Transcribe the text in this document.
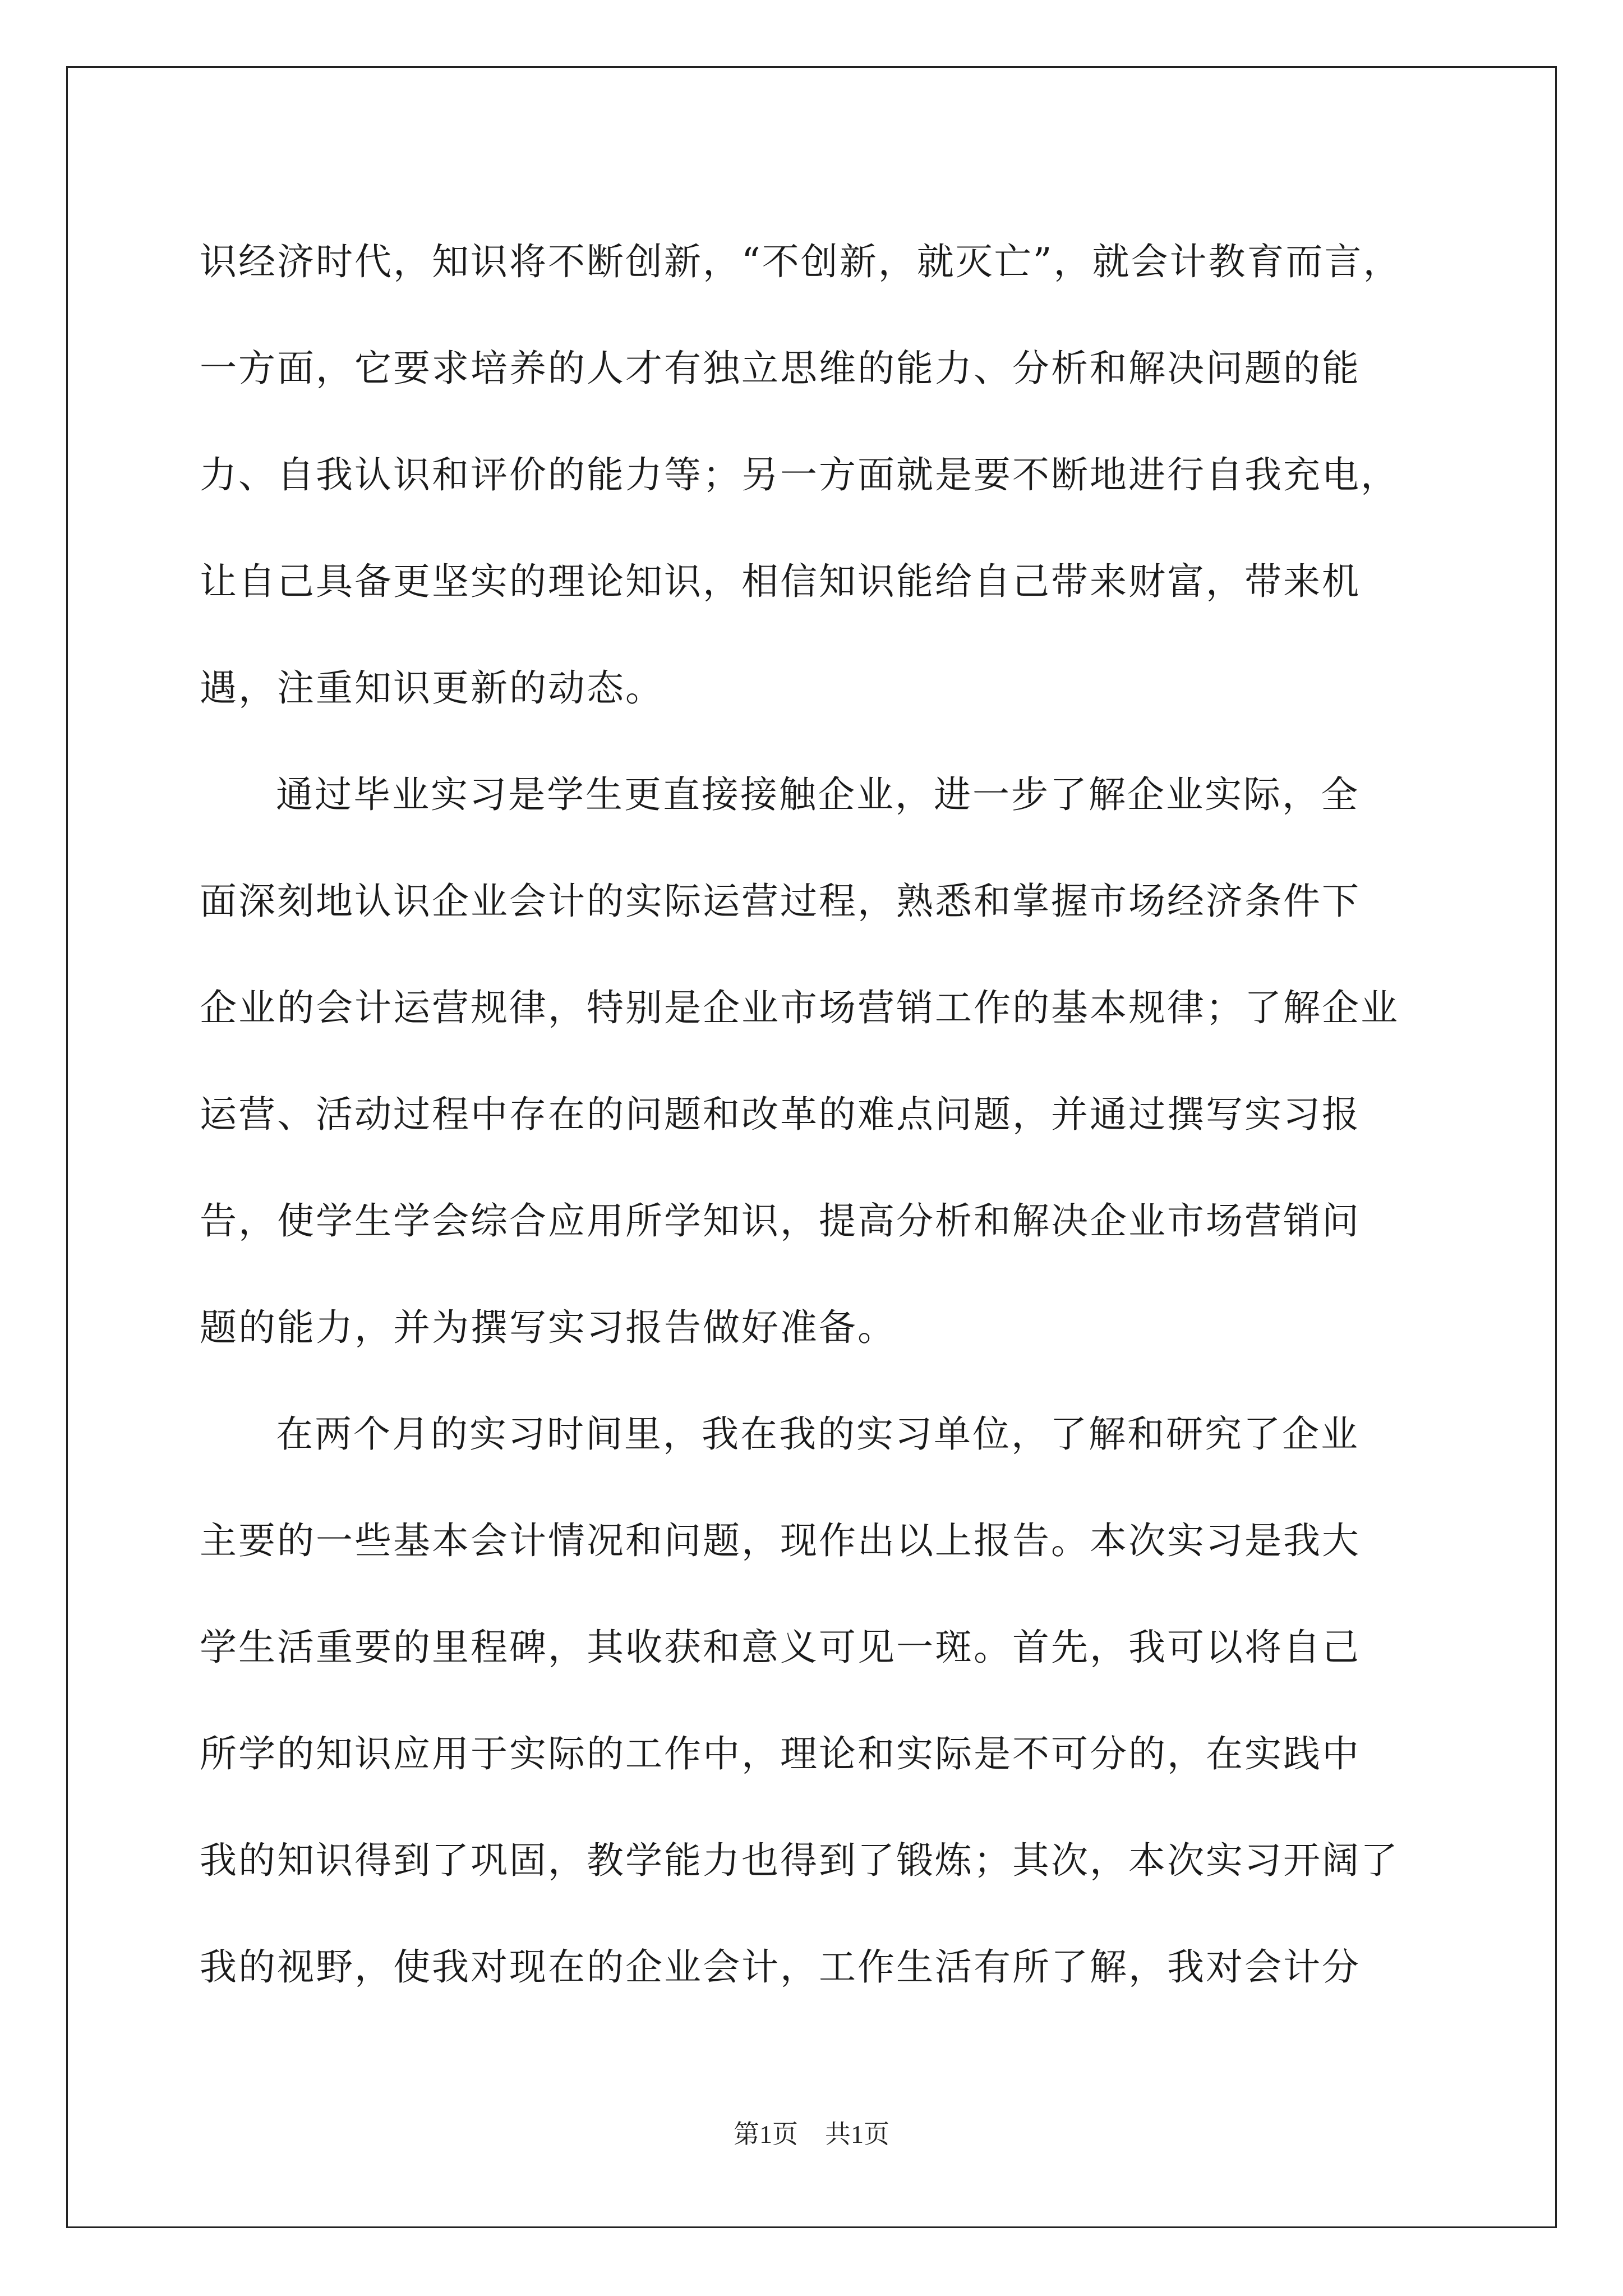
识经济时代，知识将不断创新，“不创新，就灭亡”，就会计教育而言，
一方面，它要求培养的人才有独立思维的能力、分析和解决问题的能
力、自我认识和评价的能力等；另一方面就是要不断地进行自我充电，
让自己具备更坚实的理论知识，相信知识能给自己带来财富，带来机
遇，注重知识更新的动态。
通过毕业实习是学生更直接接触企业，进一步了解企业实际，全
面深刻地认识企业会计的实际运营过程，熟悉和掌握市场经济条件下
企业的会计运营规律，特别是企业市场营销工作的基本规律；了解企业
运营、活动过程中存在的问题和改革的难点问题，并通过撰写实习报
告，使学生学会综合应用所学知识，提高分析和解决企业市场营销问
题的能力，并为撰写实习报告做好准备。
在两个月的实习时间里，我在我的实习单位，了解和研究了企业
主要的一些基本会计情况和问题，现作出以上报告。本次实习是我大
学生活重要的里程碑，其收获和意义可见一斑。首先，我可以将自己
所学的知识应用于实际的工作中，理论和实际是不可分的，在实践中
我的知识得到了巩固，教学能力也得到了锻炼；其次，本次实习开阔了
我的视野，使我对现在的企业会计，工作生活有所了解，我对会计分
第1页 共1页
